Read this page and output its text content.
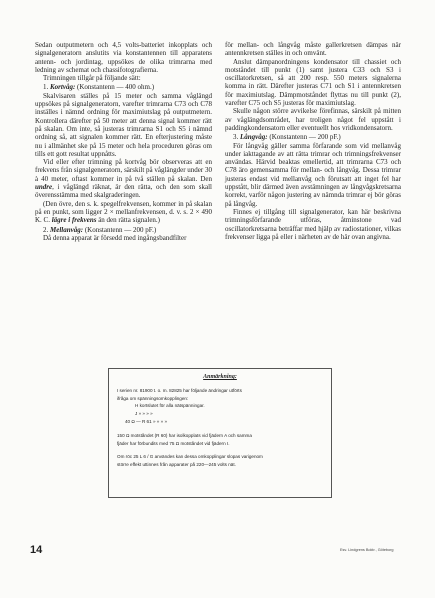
Sedan outputmetern och 4,5 volts-batteriet inkopplats och signalgeneratorn anslutits via konstantennen till apparatens antenn- och jordintag, uppsökes de olika trimrarna med ledning av schemat och chassifotografierna.

Trimningen tillgår på följande sätt:

1. Kortvåg: (Konstantenn — 400 ohm.)

Skalvisaren ställes på 15 meter och samma våglängd uppsökes på signalgeneratorn, varefter trimrarna C73 och C78 inställes i nämnd ordning för maximiutslag på outputmetern. Kontrollera därefter på 50 meter att denna signal kommer rätt på skalan. Om inte, så justeras trimrarna S1 och S5 i nämnd ordning så, att signalen kommer rätt. En efterjustering måste nu i allmänhet ske på 15 meter och hela proceduren göras om tills ett gott resultat uppnåtts.

Vid eller efter trimning på kortvåg bör observeras att en frekvens från signalgeneratorn, särskilt på våglängder under 30 à 40 meter, oftast kommer in på två ställen på skalan. Den undre, i våglängd räknat, är den rätta, och den som skall överensstämma med skalgraderingen.

(Den övre, den s. k. spegelfrekvensen, kommer in på skalan på en punkt, som ligger 2 × mellanfrekvensen, d. v. s. 2 × 490 K. C. lägre i frekvens än den rätta signalen.)

2. Mellanvåg: (Konstantenn — 200 pF.)

Då denna apparat är försedd med ingångsbandfilter

för mellan- och långvåg måste gallerkretsen dämpas när antennkretsen ställes in och omvänt.

Anslut dämpanordningens kondensator till chassiet och motståndet till punkt (1) samt justera C33 och S3 i oscillatorkretsen, så att 200 resp. 550 meters signalerna komma in rätt. Därefter justeras C71 och S1 i antennkretsen för maximiutslag. Dämpmotståndet flyttas nu till punkt (2), varefter C75 och S5 justeras för maximiutslag.

Skulle någon större avvikelse förefinnas, särskilt på mitten av våglängdsområdet, har troligen något fel uppstått i paddingkondensatorn eller eventuellt hos vridkondensatorn.

3. Långvåg: (Konstantenn — 200 pF.)

För långvåg gäller samma förfarande som vid mellanvåg under iakttagande av att rätta trimrar och trimningsfrekvenser användas. Härvid beaktas emellertid, att trimrarna C73 och C78 äro gemensamma för mellan- och långvåg. Dessa trimrar justeras endast vid mellanvåg och förutsatt att inget fel har uppstått, blir därmed även avstämningen av långvågskretsarna korrekt, varför någon justering av nämnda trimrar ej bör göras på långvåg.

Finnes ej tillgång till signalgenerator, kan här beskrivna trimningsförfarande utföras, åtminstone vad oscillatorkretsarna beträffar med hjälp av radiostationer, vilkas frekvenser ligga på eller i närheten av de här ovan angivna.

Anmärkning:
I serien nr. 81900 t. o. m. 82825 har följande ändringar utförts
ifråga om spänningsomkopplingen:
H kortslutet för alla nätspänningar.
J » » » »
40 Ω — R 61 » » » »
150 Ω motståndet (R 60) har isolkopplats vid fjädern A och samma
fjäder har förbundits med 75 Ω motståndet vid fjädern I.
Om röc 25 L 6 / G användes kan dessa omkopplingar slopas varigenom
större effekt uttinnes från apparater på 220—245 volts nät.
14	Esv. Lindgrens Boktr., Göteborg
